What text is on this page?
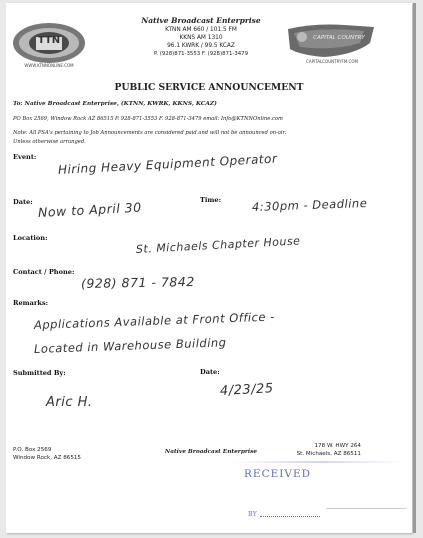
TTN
WWW.KTNNONLINE.COM
Native Broadcast Enterprise
KTNN AM 660 / 101.5 FM
KKNS AM 1310
96.1 KWRK / 99.5 KCAZ
P. (928)871-3553 F. (928)871-3479
CAPITAL COUNTRY
CAPITALCOUNTRYFM.COM
PUBLIC SERVICE ANNOUNCEMENT
To: Native Broadcast Enterprise, (KTNN, KWRK, KKNS, KCAZ)
PO Box 2569, Window Rock AZ 86515 P. 928-871-3553 F. 928-871-3479 email: Info@KTNNOnline.com
Note: All PSA's pertaining to Job Announcements are considered paid and will not be announced on-air.
Unless otherwise arranged.
Event: Hiring Heavy Equipment Operator
Date: Now to April 30	Time:	4:30pm - Deadline
Location:	St. Michaels Chapter House
Contact / Phone:
(928) 871 - 7842
Remarks:
Applications Available at Front Office -
Located in Warehouse Building
Submitted By:
Aric H.
Date:
4/23/25
P.O. Box 2569
Window Rock, AZ 86515
Native Broadcast Enterprise
178 W. HWY 264
St. Michaels, AZ 86511
RECEIVED
BY
